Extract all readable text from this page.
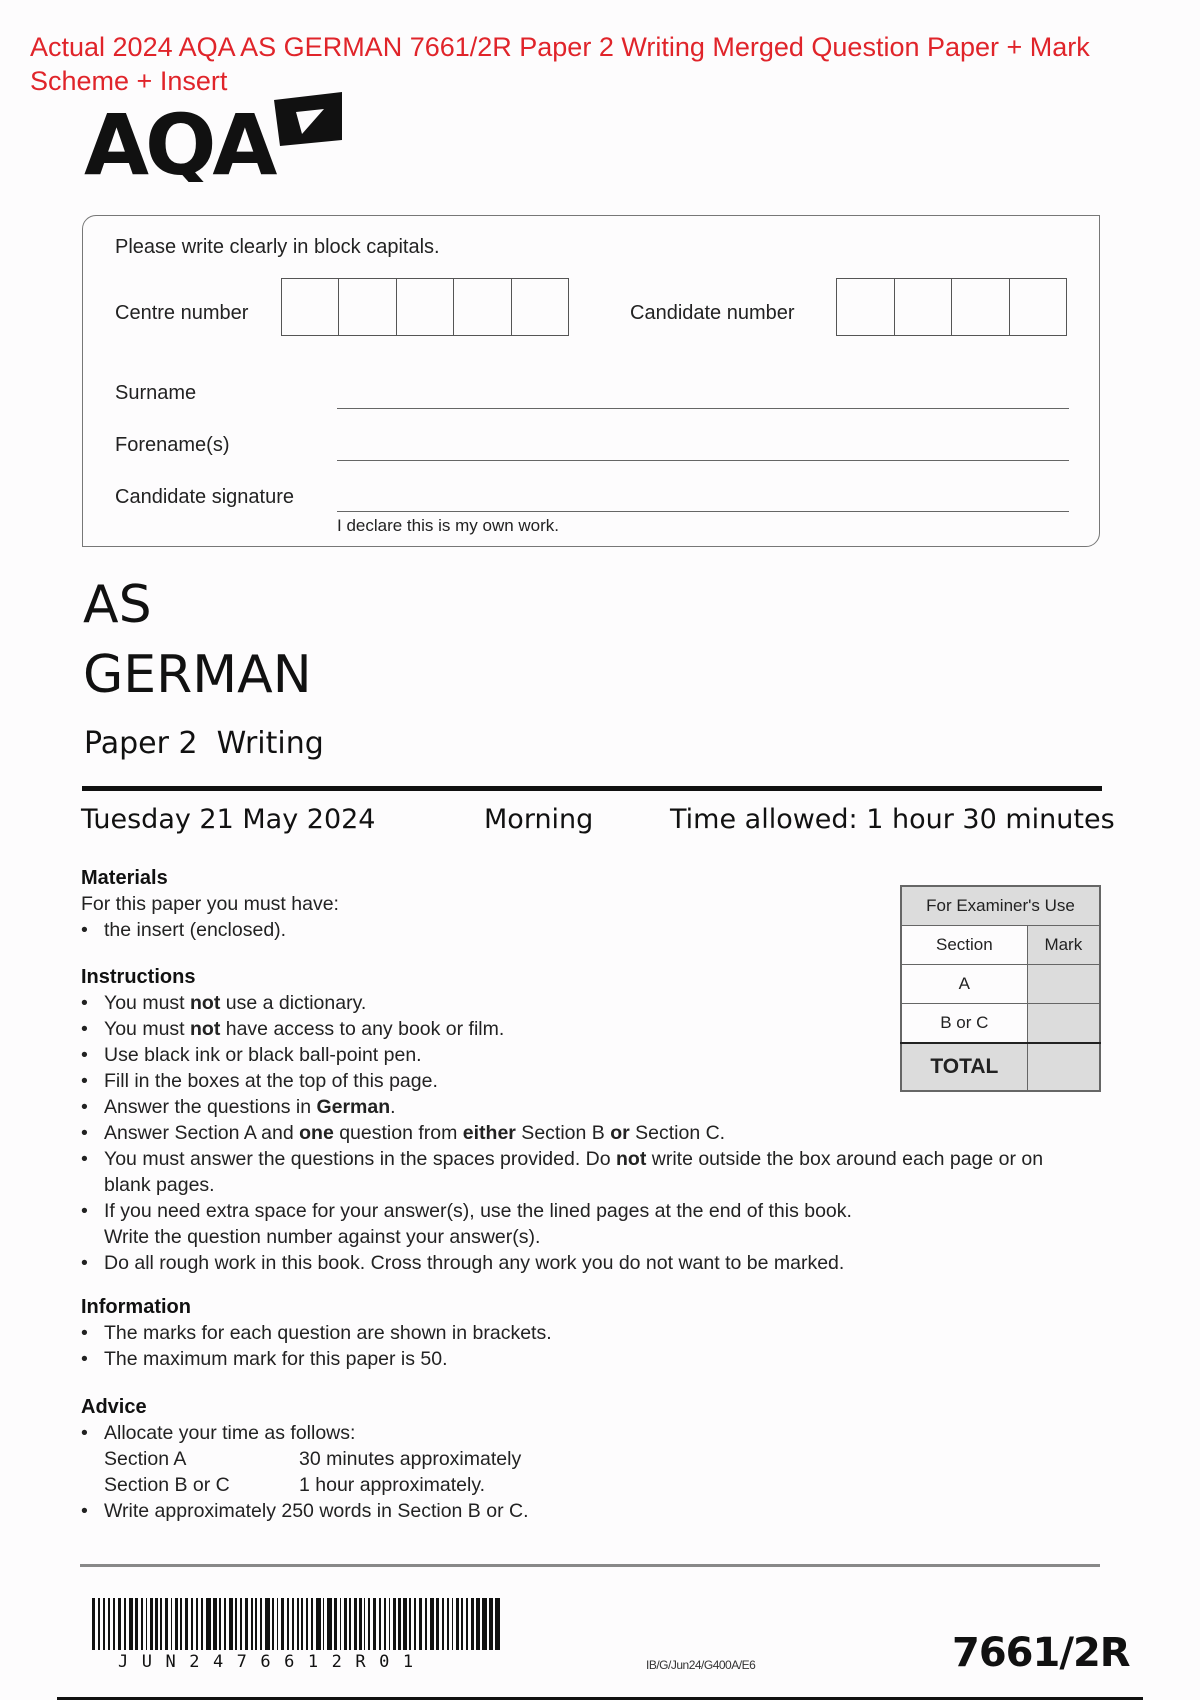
Actual 2024 AQA AS GERMAN 7661/2R Paper 2 Writing Merged Question Paper + Mark Scheme + Insert
AQA
Please write clearly in block capitals.
Centre number	Candidate number
Surname
Forename(s)
Candidate signature
I declare this is my own work.
AS
GERMAN
Paper 2  Writing
Tuesday 21 May 2024	Morning	Time allowed: 1 hour 30 minutes
Materials
For this paper you must have:
• the insert (enclosed).
Instructions
• You must not use a dictionary.
• You must not have access to any book or film.
• Use black ink or black ball-point pen.
• Fill in the boxes at the top of this page.
• Answer the questions in German.
• Answer Section A and one question from either Section B or Section C.
• You must answer the questions in the spaces provided. Do not write outside the box around each page or on blank pages.
• If you need extra space for your answer(s), use the lined pages at the end of this book.
Write the question number against your answer(s).
• Do all rough work in this book. Cross through any work you do not want to be marked.
Information
• The marks for each question are shown in brackets.
• The maximum mark for this paper is 50.
Advice
• Allocate your time as follows:
Section A	30 minutes approximately
Section B or C	1 hour approximately.
• Write approximately 250 words in Section B or C.
For Examiner's Use	
Section	Mark
A	
B or C	
TOTAL	
JUN2476612R01	IB/G/Jun24/G400A/E6	7661/2R
